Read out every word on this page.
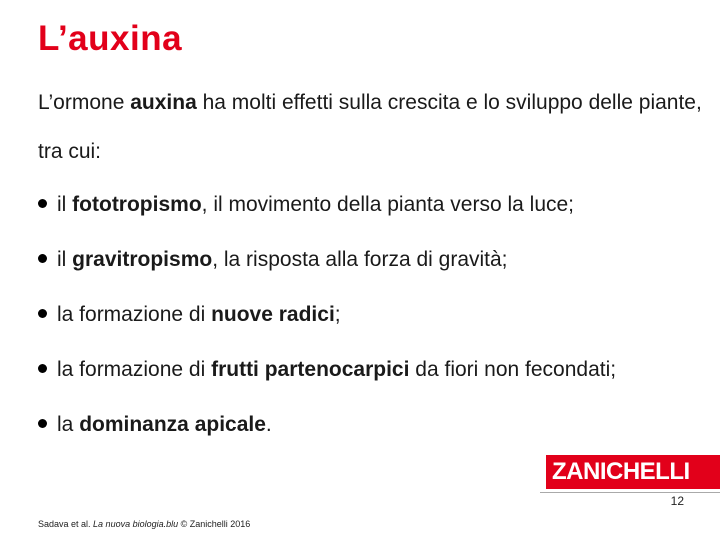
L’auxina

L’ormone auxina ha molti effetti sulla crescita e lo sviluppo delle piante, tra cui:

il fototropismo, il movimento della pianta verso la luce;
il gravitropismo, la risposta alla forza di gravità;
la formazione di nuove radici;
la formazione di frutti partenocarpici da fiori non fecondati;
la dominanza apicale.
ZANICHELLI
12
Sadava et al. La nuova biologia.blu © Zanichelli 2016
